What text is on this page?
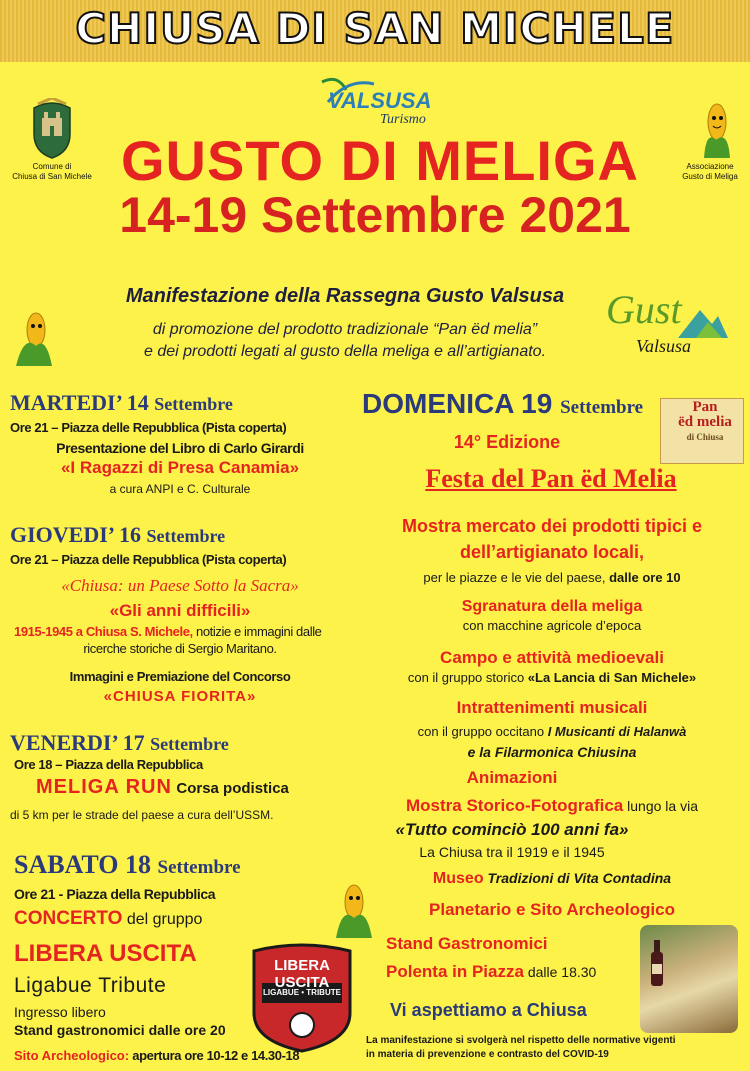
CHIUSA DI SAN MICHELE
Comune di
Chiusa di San Michele
VALSUSA
Turismo
Associazione
Gusto di Meliga
GUSTO DI MELIGA
14-19 Settembre 2021
Manifestazione della Rassegna Gusto Valsusa
di promozione del prodotto tradizionale “Pan ëd melia”
e dei prodotti legati al gusto della meliga e all’artigianato.
Gust
Valsusa
MARTEDI’ 14 Settembre
Ore 21 – Piazza delle Repubblica (Pista coperta)
Presentazione del Libro di Carlo Girardi
«I Ragazzi di Presa Canamia»
a cura ANPI e C. Culturale
GIOVEDI’ 16 Settembre
Ore 21 – Piazza delle Repubblica (Pista coperta)
«Chiusa: un Paese Sotto la Sacra»
«Gli anni difficili»
1915-1945 a Chiusa S. Michele, notizie e immagini dalle
ricerche storiche di Sergio Maritano.
Immagini e Premiazione del Concorso
«CHIUSA FIORITA»
VENERDI’ 17 Settembre
Ore 18 – Piazza della Repubblica
MELIGA RUN Corsa podistica
di 5 km per le strade del paese a cura dell’USSM.
SABATO 18 Settembre
Ore 21 - Piazza della Repubblica
CONCERTO del gruppo
LIBERA USCITA
Ligabue Tribute
Ingresso libero
Stand gastronomici dalle ore 20
Sito Archeologico: apertura ore 10-12 e 14.30-18
LIBERA USCITA
LIGABUE • TRIBUTE
DOMENICA 19 Settembre	Pan
ëd melia
di Chiusa
14° Edizione
Festa del Pan ëd Melia
Mostra mercato dei prodotti tipici e
dell’artigianato locali,
per le piazze e le vie del paese, dalle ore 10
Sgranatura della meliga
con macchine agricole d’epoca
Campo e attività medioevali
con il gruppo storico «La Lancia di San Michele»
Intrattenimenti musicali
con il gruppo occitano I Musicanti di Halanwà
e la Filarmonica Chiusina
Animazioni
Mostra Storico-Fotografica lungo la via
«Tutto cominciò 100 anni fa»
La Chiusa tra il 1919 e il 1945
Museo Tradizioni di Vita Contadina
Planetario e Sito Archeologico
Stand Gastronomici
Polenta in Piazza dalle 18.30
Vi aspettiamo a Chiusa
La manifestazione si svolgerà nel rispetto delle normative vigenti
in materia di prevenzione e contrasto del COVID-19
